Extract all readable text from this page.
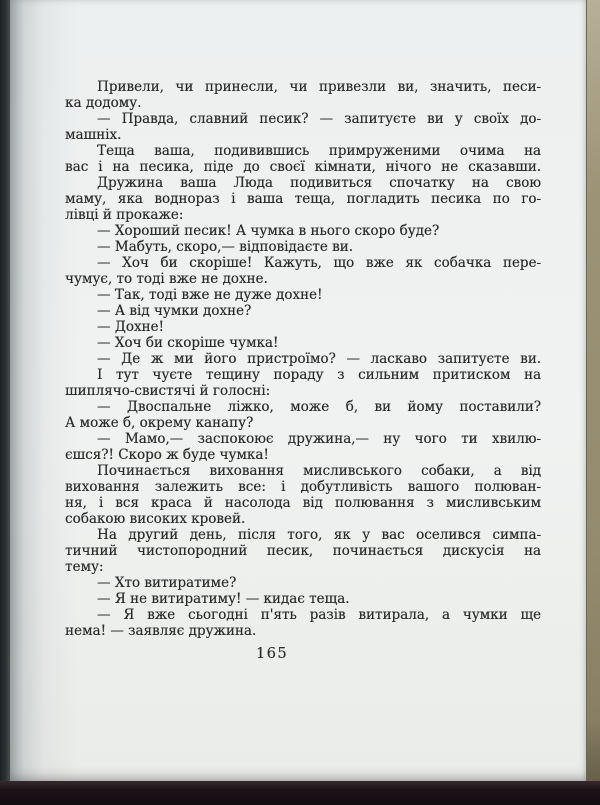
Привели, чи принесли, чи привезли ви, значить, песи-
ка додому.
— Правда, славний песик? — запитуєте ви у своїх до-
машніх.
Теща ваша, подивившись примруженими очима на
вас і на песика, піде до своєї кімнати, нічого не сказавши.
Дружина ваша Люда подивиться спочатку на свою
маму, яка воднораз і ваша теща, погладить песика по го-
лівці й прокаже:
— Хороший песик! А чумка в нього скоро буде?
— Мабуть, скоро,— відповідаєте ви.
— Хоч би скоріше! Кажуть, що вже як собачка пере-
чумує, то тоді вже не дохне.
— Так, тоді вже не дуже дохне!
— А від чумки дохне?
— Дохне!
— Хоч би скоріше чумка!
— Де ж ми його пристроїмо? — ласкаво запитуєте ви.
І тут чуєте тещину пораду з сильним притиском на
шиплячо-свистячі й голосні:
— Двоспальне ліжко, може б, ви йому поставили?
А може б, окрему канапу?
— Мамо,— заспокоює дружина,— ну чого ти хвилю-
єшся?! Скоро ж буде чумка!
Починається виховання мисливського собаки, а від
виховання залежить все: і добутливість вашого полюван-
ня, і вся краса й насолода від полювання з мисливським
собакою високих кровей.
На другий день, після того, як у вас оселився симпа-
тичний чистопородний песик, починається дискусія на
тему:
— Хто витиратиме?
— Я не витиратиму! — кидає теща.
— Я вже сьогодні п'ять разів витирала, а чумки ще
нема! — заявляє дружина.
165
